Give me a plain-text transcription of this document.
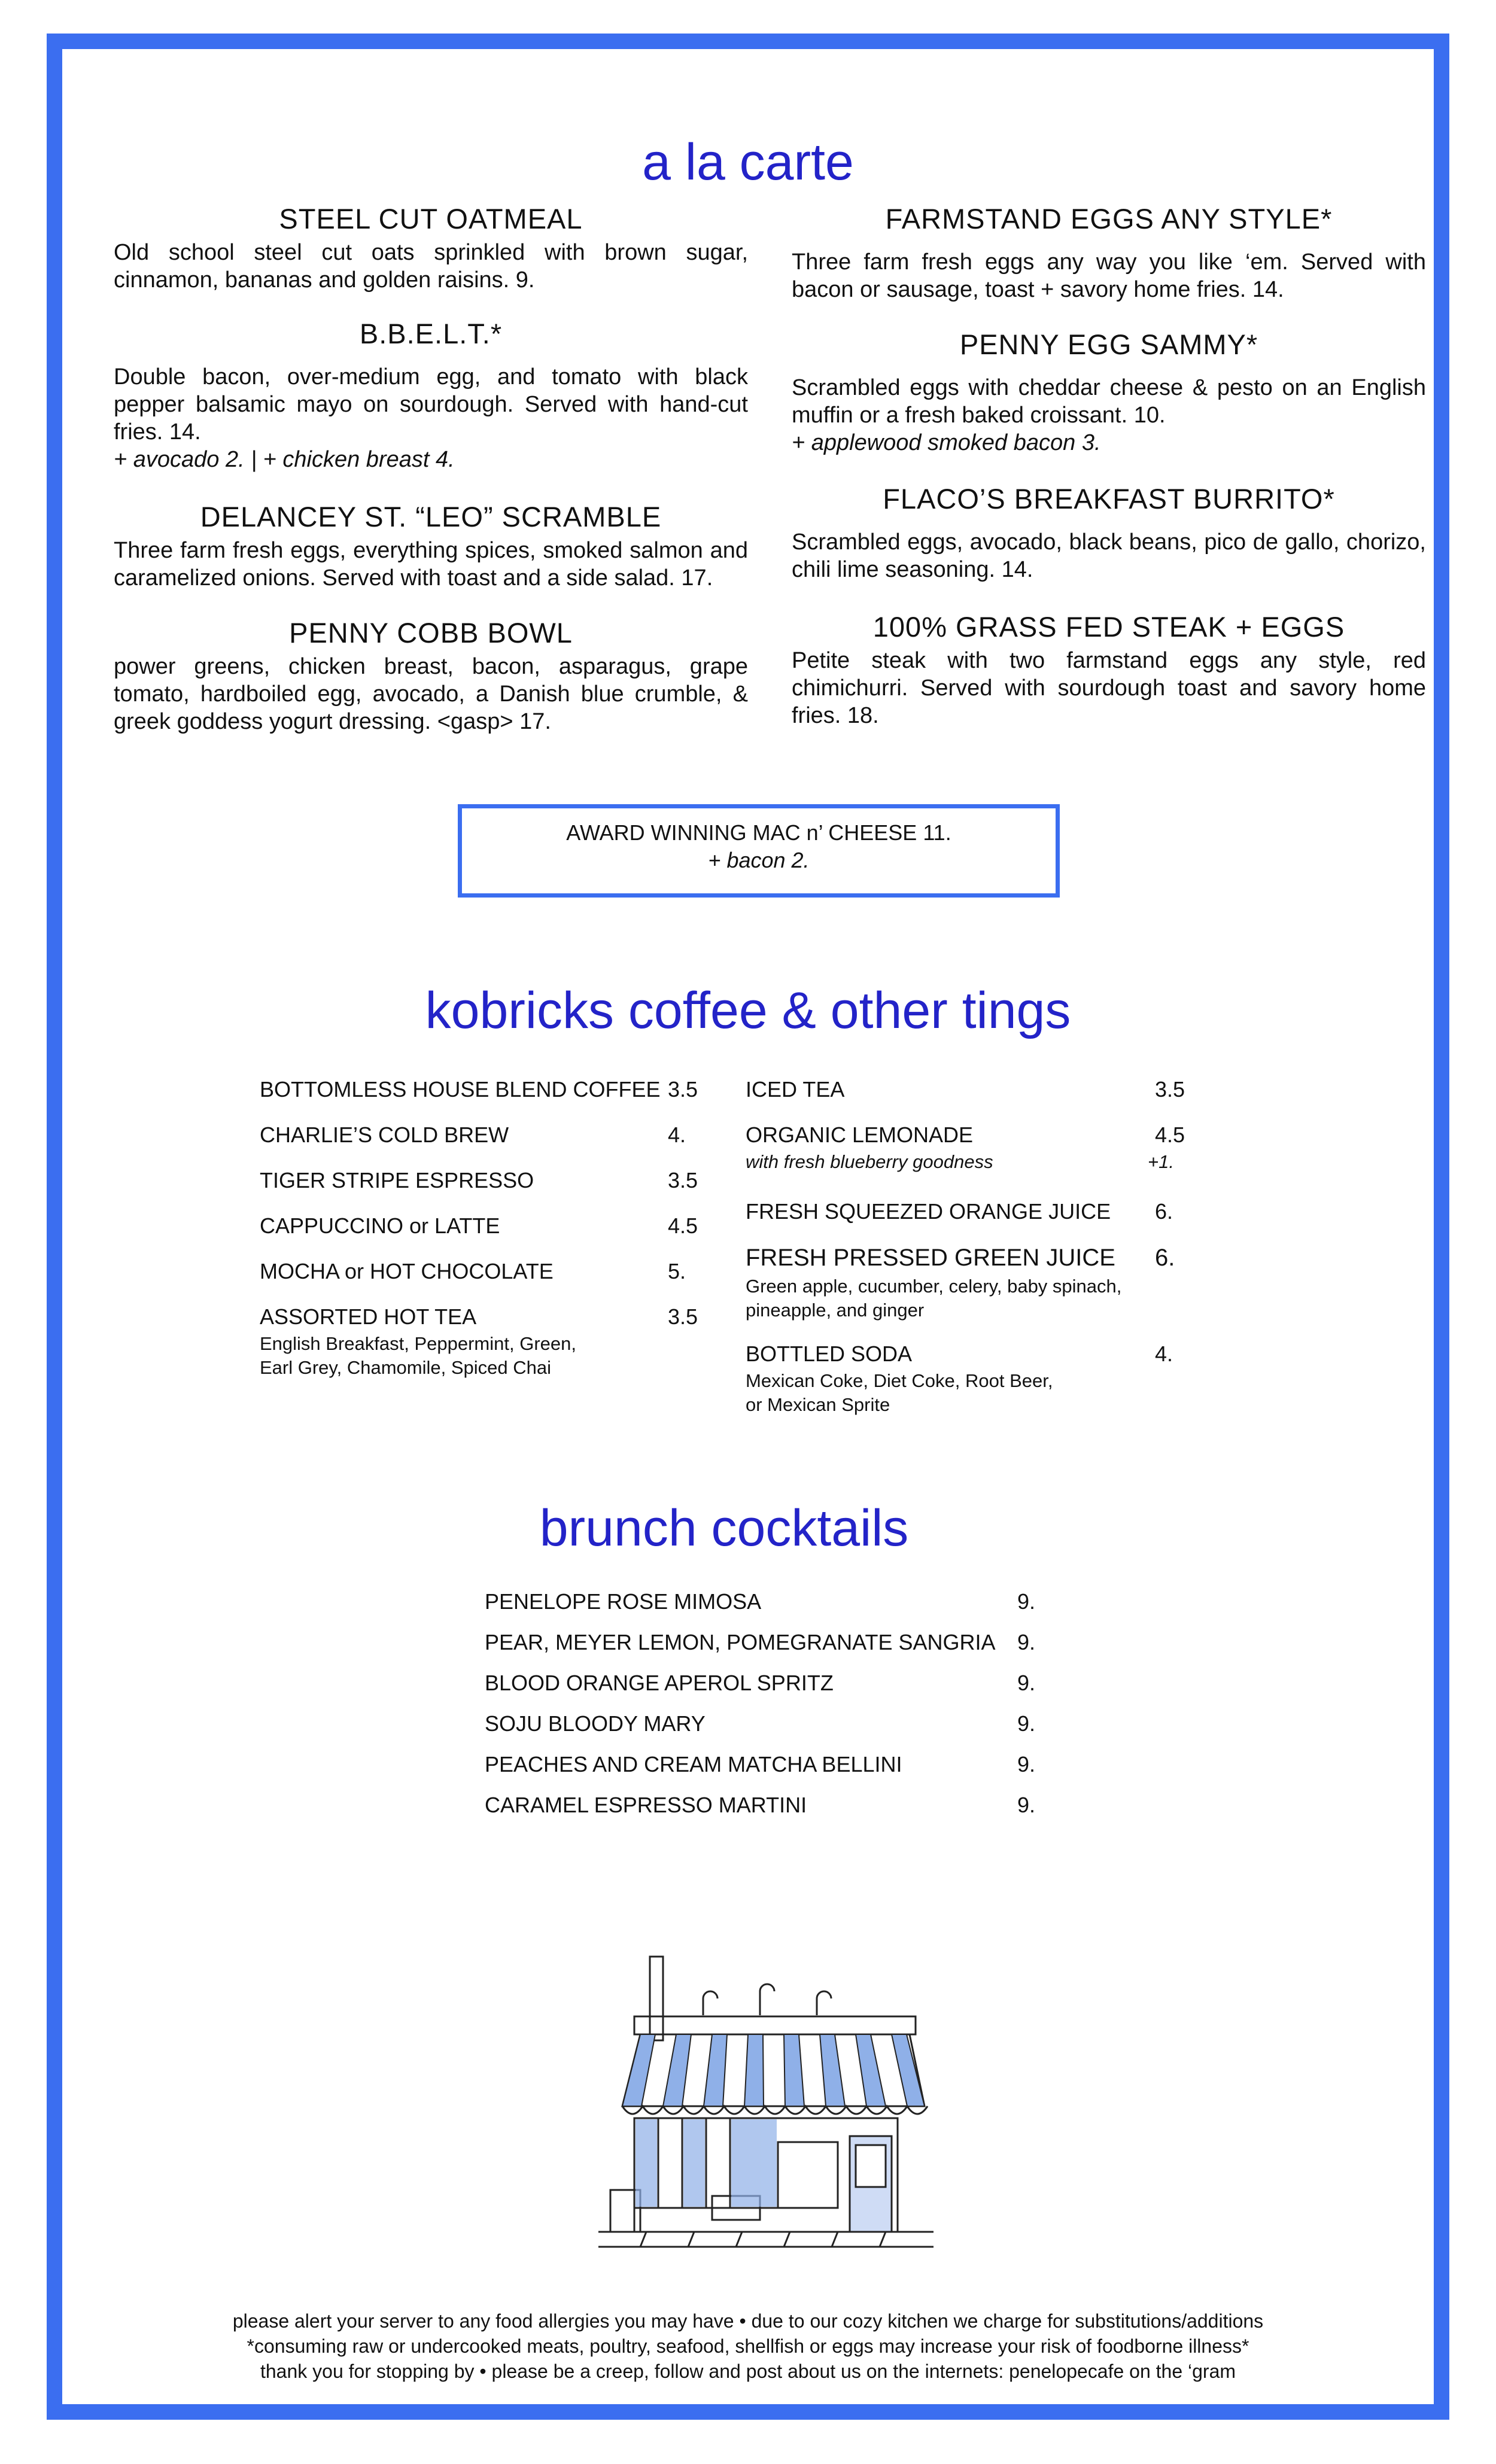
a la carte

STEEL CUT OATMEAL

Old school steel cut oats sprinkled with brown sugar, cinnamon, bananas and golden raisins. 9.

B.B.E.L.T.*

Double bacon, over-medium egg, and tomato with black pepper balsamic mayo on sourdough. Served with hand-cut fries. 14.
+ avocado 2. | + chicken breast 4.

DELANCEY ST. “LEO” SCRAMBLE

Three farm fresh eggs, everything spices, smoked salmon and caramelized onions. Served with toast and a side salad. 17.

PENNY COBB BOWL

power greens, chicken breast, bacon, asparagus, grape tomato, hardboiled egg, avocado, a Danish blue crumble, & greek goddess yogurt dressing. <gasp> 17.

FARMSTAND EGGS ANY STYLE*

Three farm fresh eggs any way you like ‘em. Served with bacon or sausage, toast + savory home fries. 14.

PENNY EGG SAMMY*

Scrambled eggs with cheddar cheese & pesto on an English muffin or a fresh baked croissant. 10.
+ applewood smoked bacon 3.

FLACO’S BREAKFAST BURRITO*

Scrambled eggs, avocado, black beans, pico de gallo, chorizo, chili lime seasoning. 14.

100% GRASS FED STEAK + EGGS

Petite steak with two farmstand eggs any style, red chimichurri. Served with sourdough toast and savory home fries. 18.

AWARD WINNING MAC n’ CHEESE 11.
+ bacon 2.
kobricks coffee & other tings
BOTTOMLESS HOUSE BLEND COFFEE 3.5
CHARLIE’S COLD BREW	4.
TIGER STRIPE ESPRESSO	3.5
CAPPUCCINO or LATTE	4.5
MOCHA or HOT CHOCOLATE	5.
ASSORTED HOT TEA	3.5
English Breakfast, Peppermint, Green,
Earl Grey, Chamomile, Spiced Chai
ICED TEA	3.5
ORGANIC LEMONADE	4.5
with fresh blueberry goodness	+1.
FRESH SQUEEZED ORANGE JUICE 6.
FRESH PRESSED GREEN JUICE 6.
Green apple, cucumber, celery, baby spinach,
pineapple, and ginger
BOTTLED SODA	4.
Mexican Coke, Diet Coke, Root Beer,
or Mexican Sprite
brunch cocktails
PENELOPE ROSE MIMOSA	9.
PEAR, MEYER LEMON, POMEGRANATE SANGRIA 9.
BLOOD ORANGE APEROL SPRITZ	9.
SOJU BLOODY MARY	9.
PEACHES AND CREAM MATCHA BELLINI	9.
CARAMEL ESPRESSO MARTINI	9.
please alert your server to any food allergies you may have • due to our cozy kitchen we charge for substitutions/additions
*consuming raw or undercooked meats, poultry, seafood, shellfish or eggs may increase your risk of foodborne illness*
thank you for stopping by • please be a creep, follow and post about us on the internets: penelopecafe on the ‘gram
